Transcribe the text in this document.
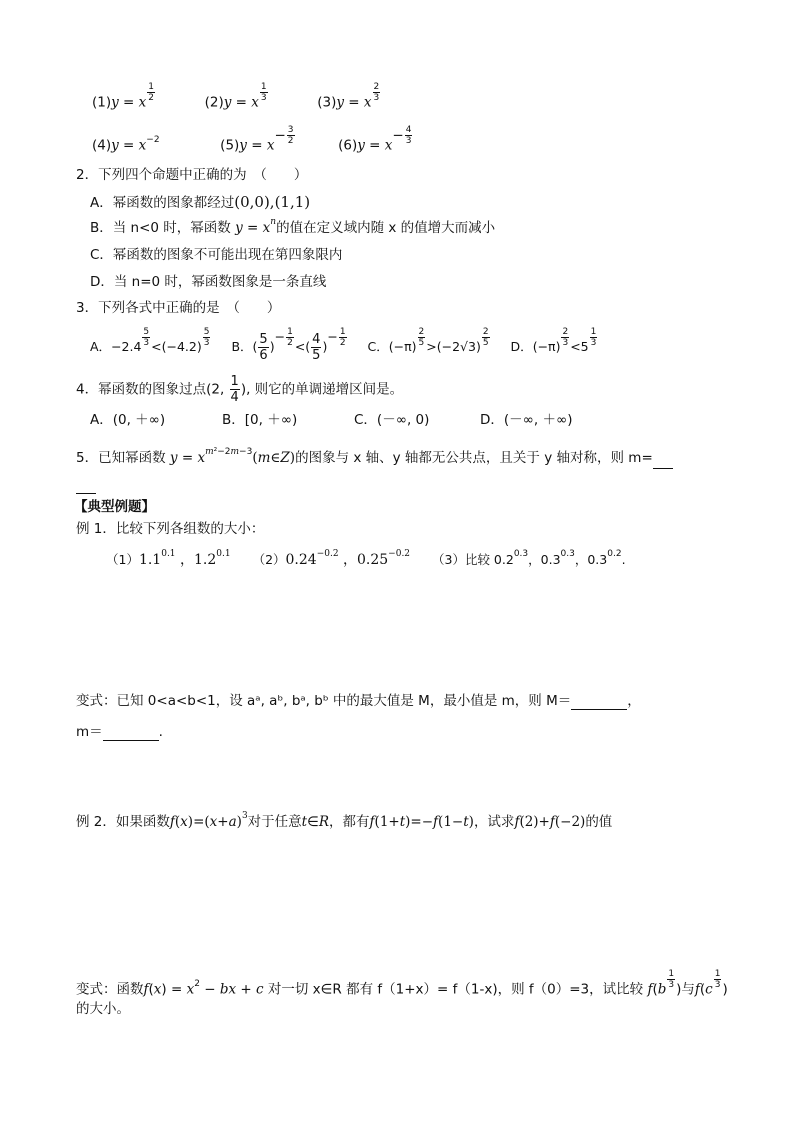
(1)y = x $\frac{1}{2}$	(2)y = x $\frac{1}{3}$	(3)y = x $\frac{2}{3}$
$(4)y = x^{-2}$	$(5)y = x- \frac{3}{2}$	$(6)y = x- \frac{4}{3}$
2．下列四个命题中正确的为　（　　）
A．幂函数的图象都经过(0,0),(1,1)
B．当 n<0 时，幂函数 $y = x^n$的值在定义域内随 x 的值增大而减小
C．幂函数的图象不可能出现在第四象限内
D．当 n=0 时，幂函数图象是一条直线
3．下列各式中正确的是　（　　）
A．$-2.4 \frac{5}{3} <(-4.2) \frac{5}{3}$ B．( $\frac{5}{6}$ )− $\frac{1}{2}$ <( $\frac{4}{5}$ )− $\frac{1}{2}$ C．$(-\pi) \frac{2}{5} >(-2√3) \frac{2}{5}$ D．$(-\pi) \frac{2}{3} <5 \frac{1}{3}$
4．幂函数的图象过点(2, $\frac{1}{4}$ ), 则它的单调递增区间是。
A．(0, ＋∞)	B．[0, ＋∞)	C．(－∞, 0)	D．(－∞, ＋∞)
5．已知幂函数 $y = x^{m^2-2m-3}(m\in Z)$的图象与 x 轴、y 轴都无公共点，且关于 y 轴对称，则 m=
【典型例题】
例 1．比较下列各组数的大小：
$(1)1.1^{0.1}$ ，$1.2^{0.1}$ $(2)0.24^{-0.2}$ ，$0.25^{-0.2}$ （3）比较 $0.2^{0.3}$，$0.3^{0.3}$，$0.3^{0.2}$.
变式：已知 0<a<b<1，设 aᵃ, aᵇ, bᵃ, bᵇ 中的最大值是 M，最小值是 m，则 M＝	，
m＝	.
例 2．如果函数$f(x)=(x+a)^3$对于任意t∈R，都有f(1+t)=−f(1−t)，试求f(2)+f(−2)的值
变式：函数$f(x) = x^2$ − bx + c 对一切 x∈R 都有 f（1+x）= f（1-x)，则 f（0）=3，试比较 $f(b \frac{1}{3}$ )与$f(c \frac{1}{3}$ )
的大小。
